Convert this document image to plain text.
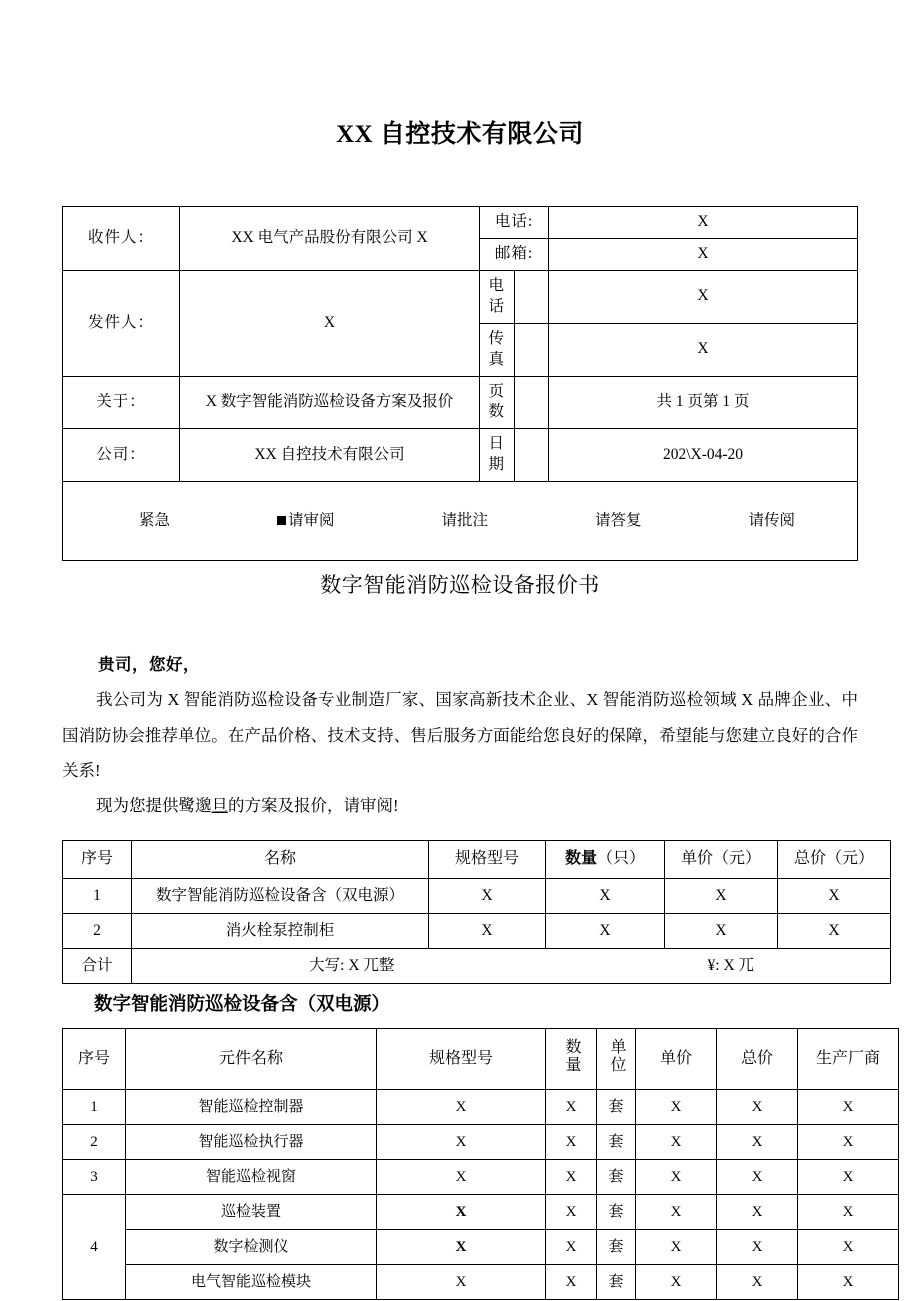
XX 自控技术有限公司
收件人：	XX 电气产品股份有限公司 X	电话:		X
		邮箱:		X
发件人：	X	电话		X
		传真		X
关于：	X 数字智能消防巡检设备方案及报价	页数		共 1 页第 1 页
公司：	XX 自控技术有限公司	日期		202\X-04-20

紧急 请审阅 请批注 请答复 请传阅				
数字智能消防巡检设备报价书

贵司，您好，

我公司为 X 智能消防巡检设备专业制造厂家、国家高新技术企业、X 智能消防巡检领域 X 品牌企业、中国消防协会推荐单位。在产品价格、技术支持、售后服务方面能给您良好的保障，希望能与您建立良好的合作关系!

现为您提供鹭邈旦的方案及报价，请审阅!

序号	名称	规格型号	数量（只）	单价（元）	总价（元）
1	数字智能消防巡检设备含（双电源）	X	X	X	X
2	消火栓泵控制柜	X	X	X	X
合计	大写: X 兀整 ¥: X 兀				
数字智能消防巡检设备含（双电源）
序号	元件名称	规格型号	数量	单位	单价	总价	生产厂商
1	智能巡检控制器	X	X	套	X	X	X
2	智能巡检执行器	X	X	套	X	X	X
3	智能巡检视窗	X	X	套	X	X	X
4	巡检装置	X	X	套	X	X	X
	数字检测仪	X	X	套	X	X	X
	电气智能巡检模块	X	X	套	X	X	X
